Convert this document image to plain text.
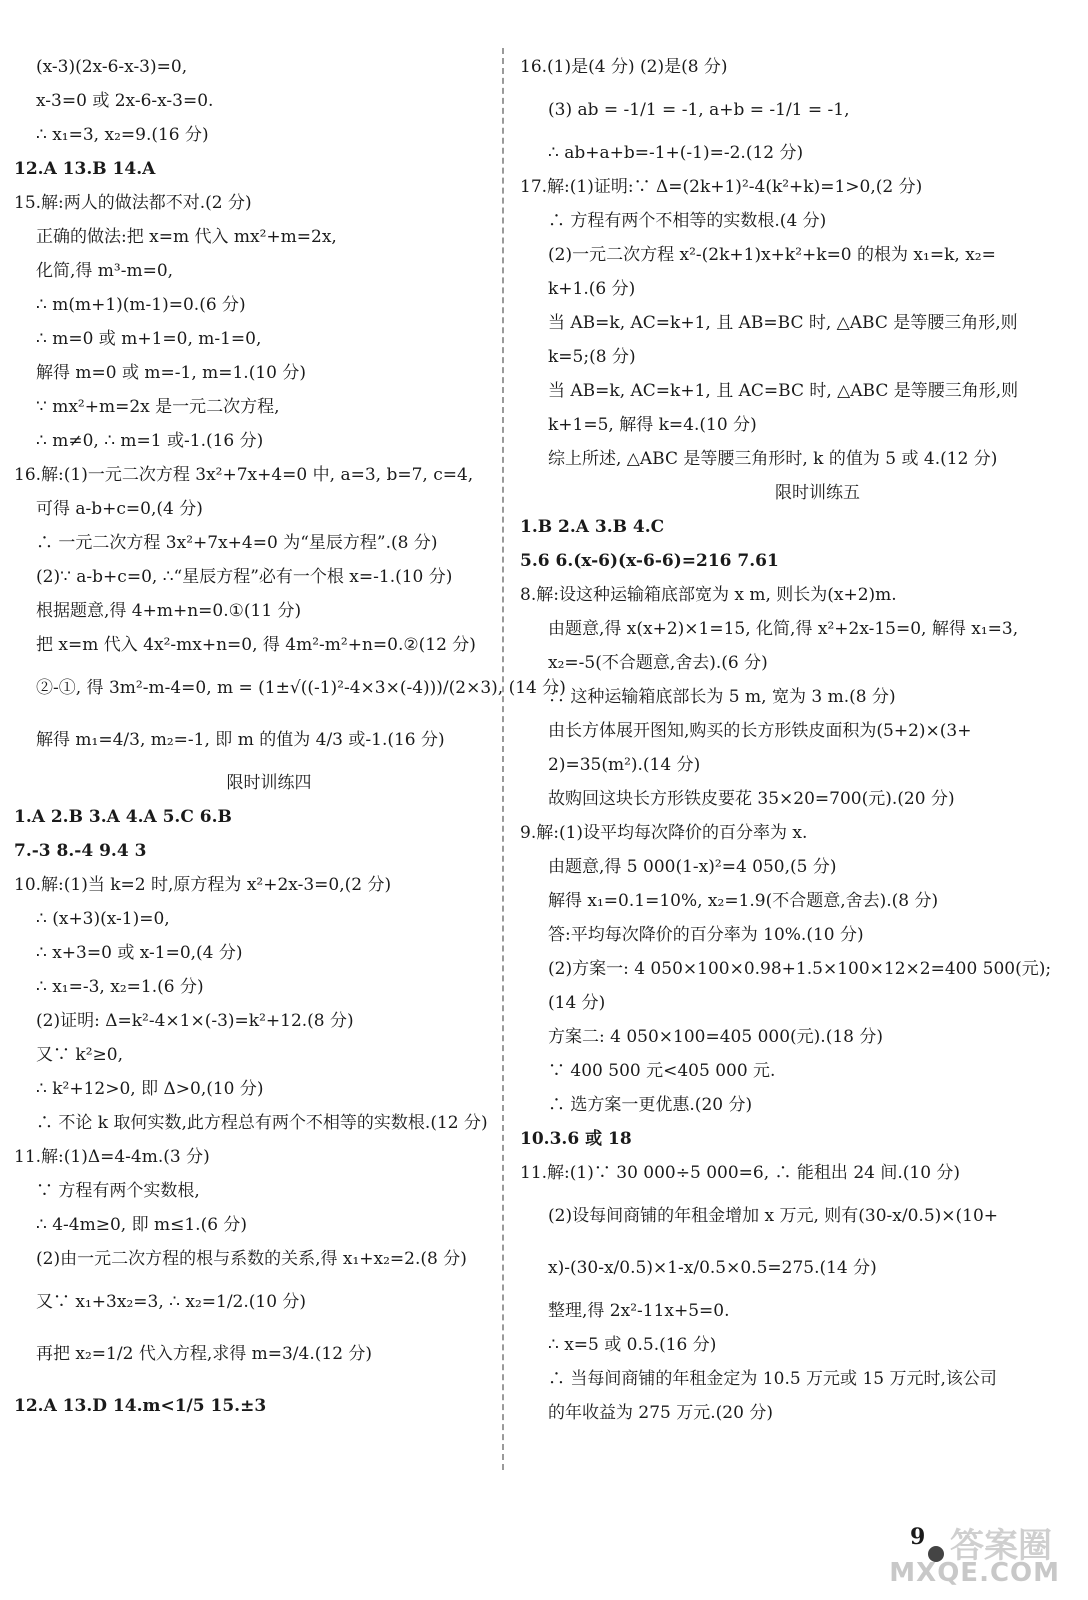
(x-3)(2x-6-x-3)=0,
x-3=0 或 2x-6-x-3=0.
∴ x₁=3, x₂=9.(16 分)
12.A 13.B 14.A
15.解:两人的做法都不对.(2 分)
正确的做法:把 x=m 代入 mx²+m=2x,
化简,得 m³-m=0,
∴ m(m+1)(m-1)=0.(6 分)
∴ m=0 或 m+1=0, m-1=0,
解得 m=0 或 m=-1, m=1.(10 分)
∵ mx²+m=2x 是一元二次方程,
∴ m≠0, ∴ m=1 或-1.(16 分)
16.解:(1)一元二次方程 3x²+7x+4=0 中, a=3, b=7, c=4,
可得 a-b+c=0,(4 分)
∴ 一元二次方程 3x²+7x+4=0 为“星辰方程”.(8 分)
(2)∵ a-b+c=0, ∴“星辰方程”必有一个根 x=-1.(10 分)
根据题意,得 4+m+n=0.①(11 分)
把 x=m 代入 4x²-mx+n=0, 得 4m²-m²+n=0.②(12 分)
②-①, 得 3m²-m-4=0, m = (1±√((-1)²-4×3×(-4)))/(2×3), (14 分)
解得 m₁=4/3, m₂=-1, 即 m 的值为 4/3 或-1.(16 分)
限时训练四
1.A 2.B 3.A 4.A 5.C 6.B
7.-3 8.-4 9.4 3
10.解:(1)当 k=2 时,原方程为 x²+2x-3=0,(2 分)
∴ (x+3)(x-1)=0,
∴ x+3=0 或 x-1=0,(4 分)
∴ x₁=-3, x₂=1.(6 分)
(2)证明: Δ=k²-4×1×(-3)=k²+12.(8 分)
又∵ k²≥0,
∴ k²+12>0, 即 Δ>0,(10 分)
∴ 不论 k 取何实数,此方程总有两个不相等的实数根.(12 分)
11.解:(1)Δ=4-4m.(3 分)
∵ 方程有两个实数根,
∴ 4-4m≥0, 即 m≤1.(6 分)
(2)由一元二次方程的根与系数的关系,得 x₁+x₂=2.(8 分)
又∵ x₁+3x₂=3, ∴ x₂=1/2.(10 分)
再把 x₂=1/2 代入方程,求得 m=3/4.(12 分)
12.A 13.D 14.m<1/5 15.±3
16.(1)是(4 分) (2)是(8 分)
(3) ab = -1/1 = -1, a+b = -1/1 = -1,
∴ ab+a+b=-1+(-1)=-2.(12 分)
17.解:(1)证明:∵ Δ=(2k+1)²-4(k²+k)=1>0,(2 分)
∴ 方程有两个不相等的实数根.(4 分)
(2)一元二次方程 x²-(2k+1)x+k²+k=0 的根为 x₁=k, x₂=
k+1.(6 分)
当 AB=k, AC=k+1, 且 AB=BC 时, △ABC 是等腰三角形,则
k=5;(8 分)
当 AB=k, AC=k+1, 且 AC=BC 时, △ABC 是等腰三角形,则
k+1=5, 解得 k=4.(10 分)
综上所述, △ABC 是等腰三角形时, k 的值为 5 或 4.(12 分)
限时训练五
1.B 2.A 3.B 4.C
5.6 6.(x-6)(x-6-6)=216 7.61
8.解:设这种运输箱底部宽为 x m, 则长为(x+2)m.
由题意,得 x(x+2)×1=15, 化简,得 x²+2x-15=0, 解得 x₁=3,
x₂=-5(不合题意,舍去).(6 分)
∴ 这种运输箱底部长为 5 m, 宽为 3 m.(8 分)
由长方体展开图知,购买的长方形铁皮面积为(5+2)×(3+
2)=35(m²).(14 分)
故购回这块长方形铁皮要花 35×20=700(元).(20 分)
9.解:(1)设平均每次降价的百分率为 x.
由题意,得 5 000(1-x)²=4 050,(5 分)
解得 x₁=0.1=10%, x₂=1.9(不合题意,舍去).(8 分)
答:平均每次降价的百分率为 10%.(10 分)
(2)方案一: 4 050×100×0.98+1.5×100×12×2=400 500(元);
(14 分)
方案二: 4 050×100=405 000(元).(18 分)
∵ 400 500 元<405 000 元.
∴ 选方案一更优惠.(20 分)
10.3.6 或 18
11.解:(1)∵ 30 000÷5 000=6, ∴ 能租出 24 间.(10 分)
(2)设每间商铺的年租金增加 x 万元, 则有(30-x/0.5)×(10+
x)-(30-x/0.5)×1-x/0.5×0.5=275.(14 分)
整理,得 2x²-11x+5=0.
∴ x=5 或 0.5.(16 分)
∴ 当每间商铺的年租金定为 10.5 万元或 15 万元时,该公司
的年收益为 275 万元.(20 分)
9 答案圈
MXQE.COM
